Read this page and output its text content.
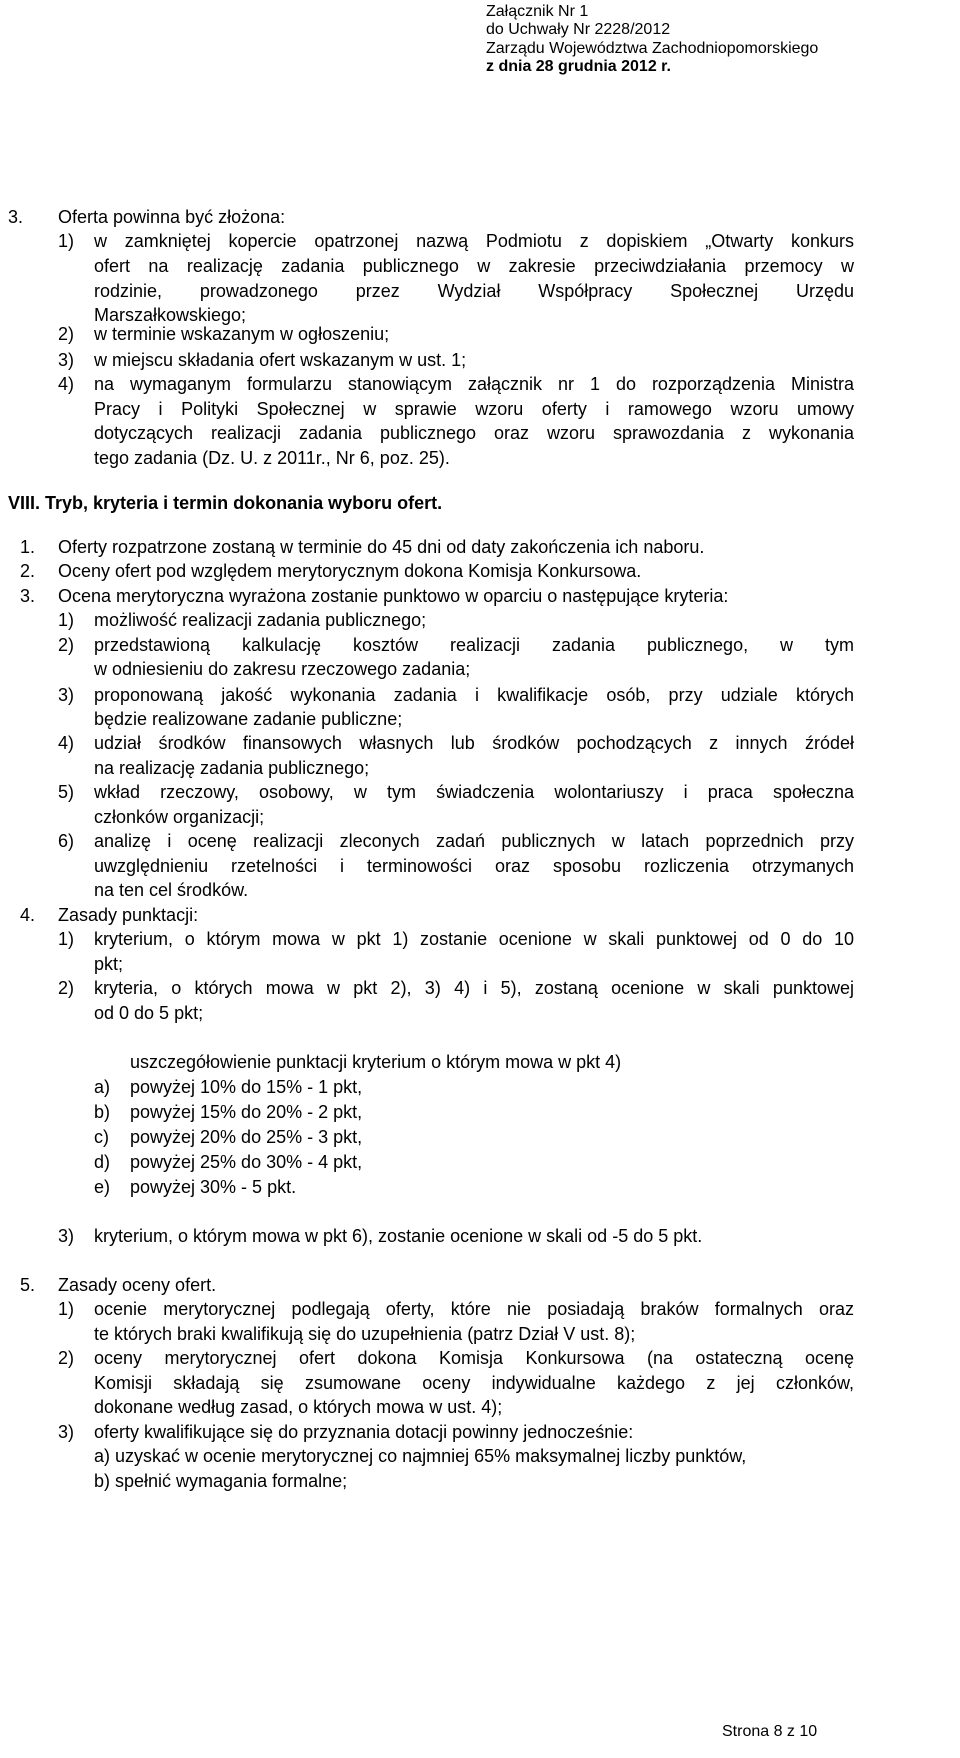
Załącznik Nr 1
do Uchwały Nr 2228/2012
Zarządu Województwa Zachodniopomorskiego
z dnia 28 grudnia 2012 r.
3. Oferta powinna być złożona:
1) w zamkniętej kopercie opatrzonej nazwą Podmiotu z dopiskiem „Otwarty konkurs
ofert na realizację zadania publicznego w zakresie przeciwdziałania przemocy w
rodzinie, prowadzonego przez Wydział Współpracy Społecznej Urzędu
Marszałkowskiego;
2) w terminie wskazanym w ogłoszeniu;
3) w miejscu składania ofert wskazanym w ust. 1;
4) na wymaganym formularzu stanowiącym załącznik nr 1 do rozporządzenia Ministra
Pracy i Polityki Społecznej w sprawie wzoru oferty i ramowego wzoru umowy
dotyczących realizacji zadania publicznego oraz wzoru sprawozdania z wykonania
tego zadania (Dz. U. z 2011r., Nr 6, poz. 25).
VIII. Tryb, kryteria i termin dokonania wyboru ofert.
1. Oferty rozpatrzone zostaną w terminie do 45 dni od daty zakończenia ich naboru.
2. Oceny ofert pod względem merytorycznym dokona Komisja Konkursowa.
3. Ocena merytoryczna wyrażona zostanie punktowo w oparciu o następujące kryteria:
1) możliwość realizacji zadania publicznego;
2) przedstawioną kalkulację kosztów realizacji zadania publicznego, w tym
w odniesieniu do zakresu rzeczowego zadania;
3) proponowaną jakość wykonania zadania i kwalifikacje osób, przy udziale których
będzie realizowane zadanie publiczne;
4) udział środków finansowych własnych lub środków pochodzących z innych źródeł
na realizację zadania publicznego;
5) wkład rzeczowy, osobowy, w tym świadczenia wolontariuszy i praca społeczna
członków organizacji;
6) analizę i ocenę realizacji zleconych zadań publicznych w latach poprzednich przy
uwzględnieniu rzetelności i terminowości oraz sposobu rozliczenia otrzymanych
na ten cel środków.
4. Zasady punktacji:
1) kryterium, o którym mowa w pkt 1) zostanie ocenione w skali punktowej od 0 do 10
pkt;
2) kryteria, o których mowa w pkt 2), 3) 4) i 5), zostaną ocenione w skali punktowej
od 0 do 5 pkt;
uszczegółowienie punktacji kryterium o którym mowa w pkt 4)
a) powyżej 10% do 15% - 1 pkt,
b) powyżej 15% do 20% - 2 pkt,
c) powyżej 20% do 25% - 3 pkt,
d) powyżej 25% do 30% - 4 pkt,
e) powyżej 30% - 5 pkt.
3) kryterium, o którym mowa w pkt 6), zostanie ocenione w skali od -5 do 5 pkt.
5. Zasady oceny ofert.
1) ocenie merytorycznej podlegają oferty, które nie posiadają braków formalnych oraz
te których braki kwalifikują się do uzupełnienia (patrz Dział V ust. 8);
2) oceny merytorycznej ofert dokona Komisja Konkursowa (na ostateczną ocenę
Komisji składają się zsumowane oceny indywidualne każdego z jej członków,
dokonane według zasad, o których mowa w ust. 4);
3) oferty kwalifikujące się do przyznania dotacji powinny jednocześnie:
a) uzyskać w ocenie merytorycznej co najmniej 65% maksymalnej liczby punktów,
b) spełnić wymagania formalne;
Strona 8 z 10
